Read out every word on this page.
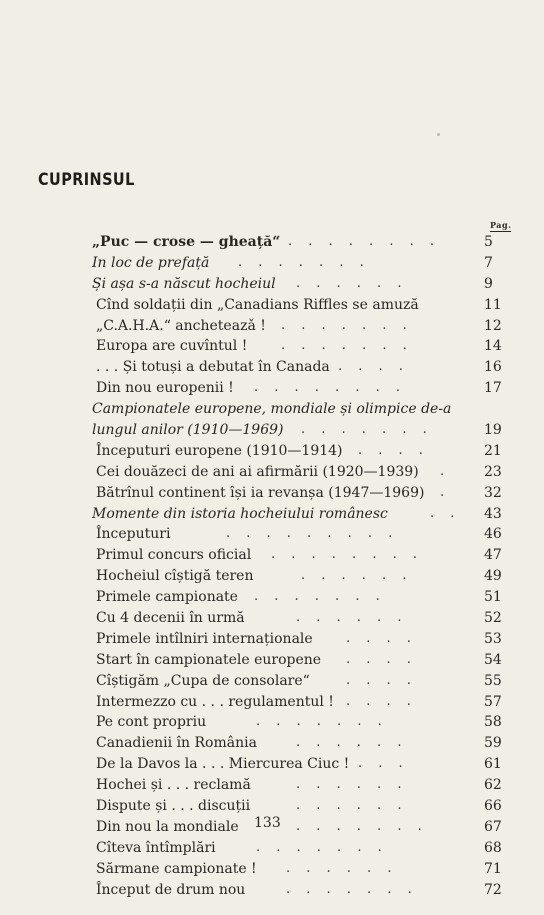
CUPRINSUL
Pag.
„Puc — crose — gheață“ . . . . . . . .	5
In loc de prefață . . . . . . .	7
Și așa s-a născut hocheiul . . . . . .	9
Cînd soldații din „Canadians Riffles se amuză	11
„C.A.H.A.“ ancheteazǎ ! . . . . . . .	12
Europa are cuvîntul !	. . . . . . .	14
. . . Și totuși a debutat în Canada . . . .	16
Din nou europenii ! . . . . . . . .	17
Campionatele europene, mondiale și olimpice de-a
lungul anilor (1910—1969) . . . . . . .	19
Începuturi europene (1910—1914) . . . .	21
Cei douăzeci de ani ai afirmării (1920—1939) . 23
Bătrînul continent își ia revanșa (1947—1969) . 32
Momente din istoria hocheiului românesc	. . 43
Începuturi	. . . . . . . . .	46
Primul concurs oficial . . . . . . . .	47
Hocheiul cîștigă teren	. . . . . .	49
Primele campionate . . . . . . .	51
Cu 4 decenii în urmă	. . . . . .	52
Primele intîlniri internaționale	. . . .	53
Start în campionatele europene . . . .	54
Cîștigăm „Cupa de consolare“	. . . .	55
Intermezzo cu . . . regulamentul ! . . . .	57
Pe cont propriu	. . . . . . .	58
Canadienii în România	. . . . . .	59
De la Davos la . . . Miercurea Ciuc ! . . .	61
Hochei și . . . reclamă	. . . . . .	62
Dispute și . . . discuții	. . . . . .	66
Din nou la mondiale	. . . . . . .	67
Cîteva întîmplări	. . . . . . .	68
Sărmane campionate ! . . . . . .	71
Început de drum nou	. . . . . . .	72
133
